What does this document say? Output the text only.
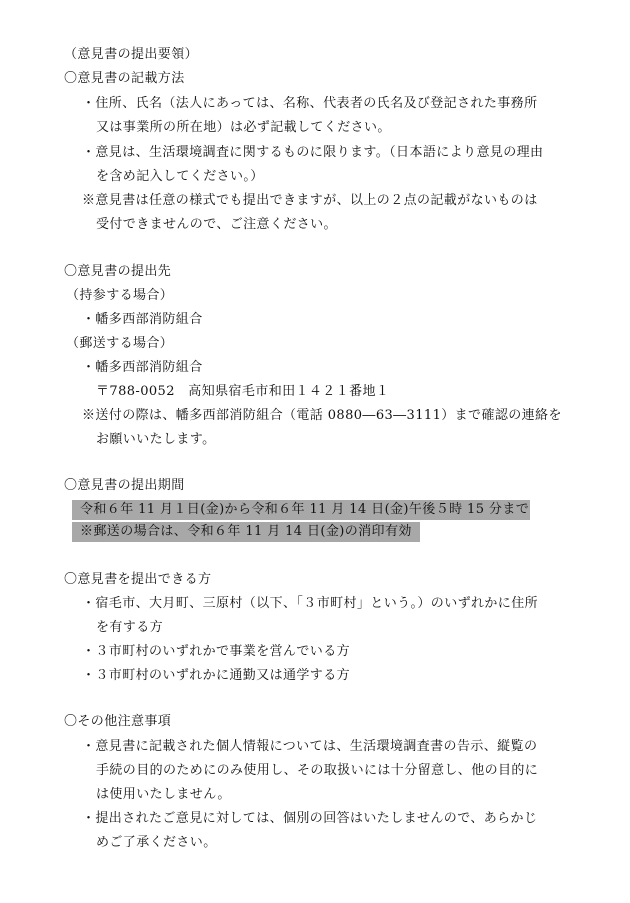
（意見書の提出要領）
〇意見書の記載方法
・住所、氏名（法人にあっては、名称、代表者の氏名及び登記された事務所
又は事業所の所在地）は必ず記載してください。
・意見は、生活環境調査に関するものに限ります。（日本語により意見の理由
を含め記入してください。）
※意見書は任意の様式でも提出できますが、以上の２点の記載がないものは
受付できませんので、ご注意ください。
〇意見書の提出先
（持参する場合）
・幡多西部消防組合
（郵送する場合）
・幡多西部消防組合
〒788-0052　高知県宿毛市和田１４２１番地１
※送付の際は、幡多西部消防組合（電話 0880―63―3111）まで確認の連絡を
お願いいたします。
〇意見書の提出期間
令和６年 11 月１日(金)から令和６年 11 月 14 日(金)午後５時 15 分まで
※郵送の場合は、令和６年 11 月 14 日(金)の消印有効
〇意見書を提出できる方
・宿毛市、大月町、三原村（以下、「３市町村」という。）のいずれかに住所
を有する方
・３市町村のいずれかで事業を営んでいる方
・３市町村のいずれかに通勤又は通学する方
〇その他注意事項
・意見書に記載された個人情報については、生活環境調査書の告示、縦覧の
手続の目的のためにのみ使用し、その取扱いには十分留意し、他の目的に
は使用いたしません。
・提出されたご意見に対しては、個別の回答はいたしませんので、あらかじ
めご了承ください。
